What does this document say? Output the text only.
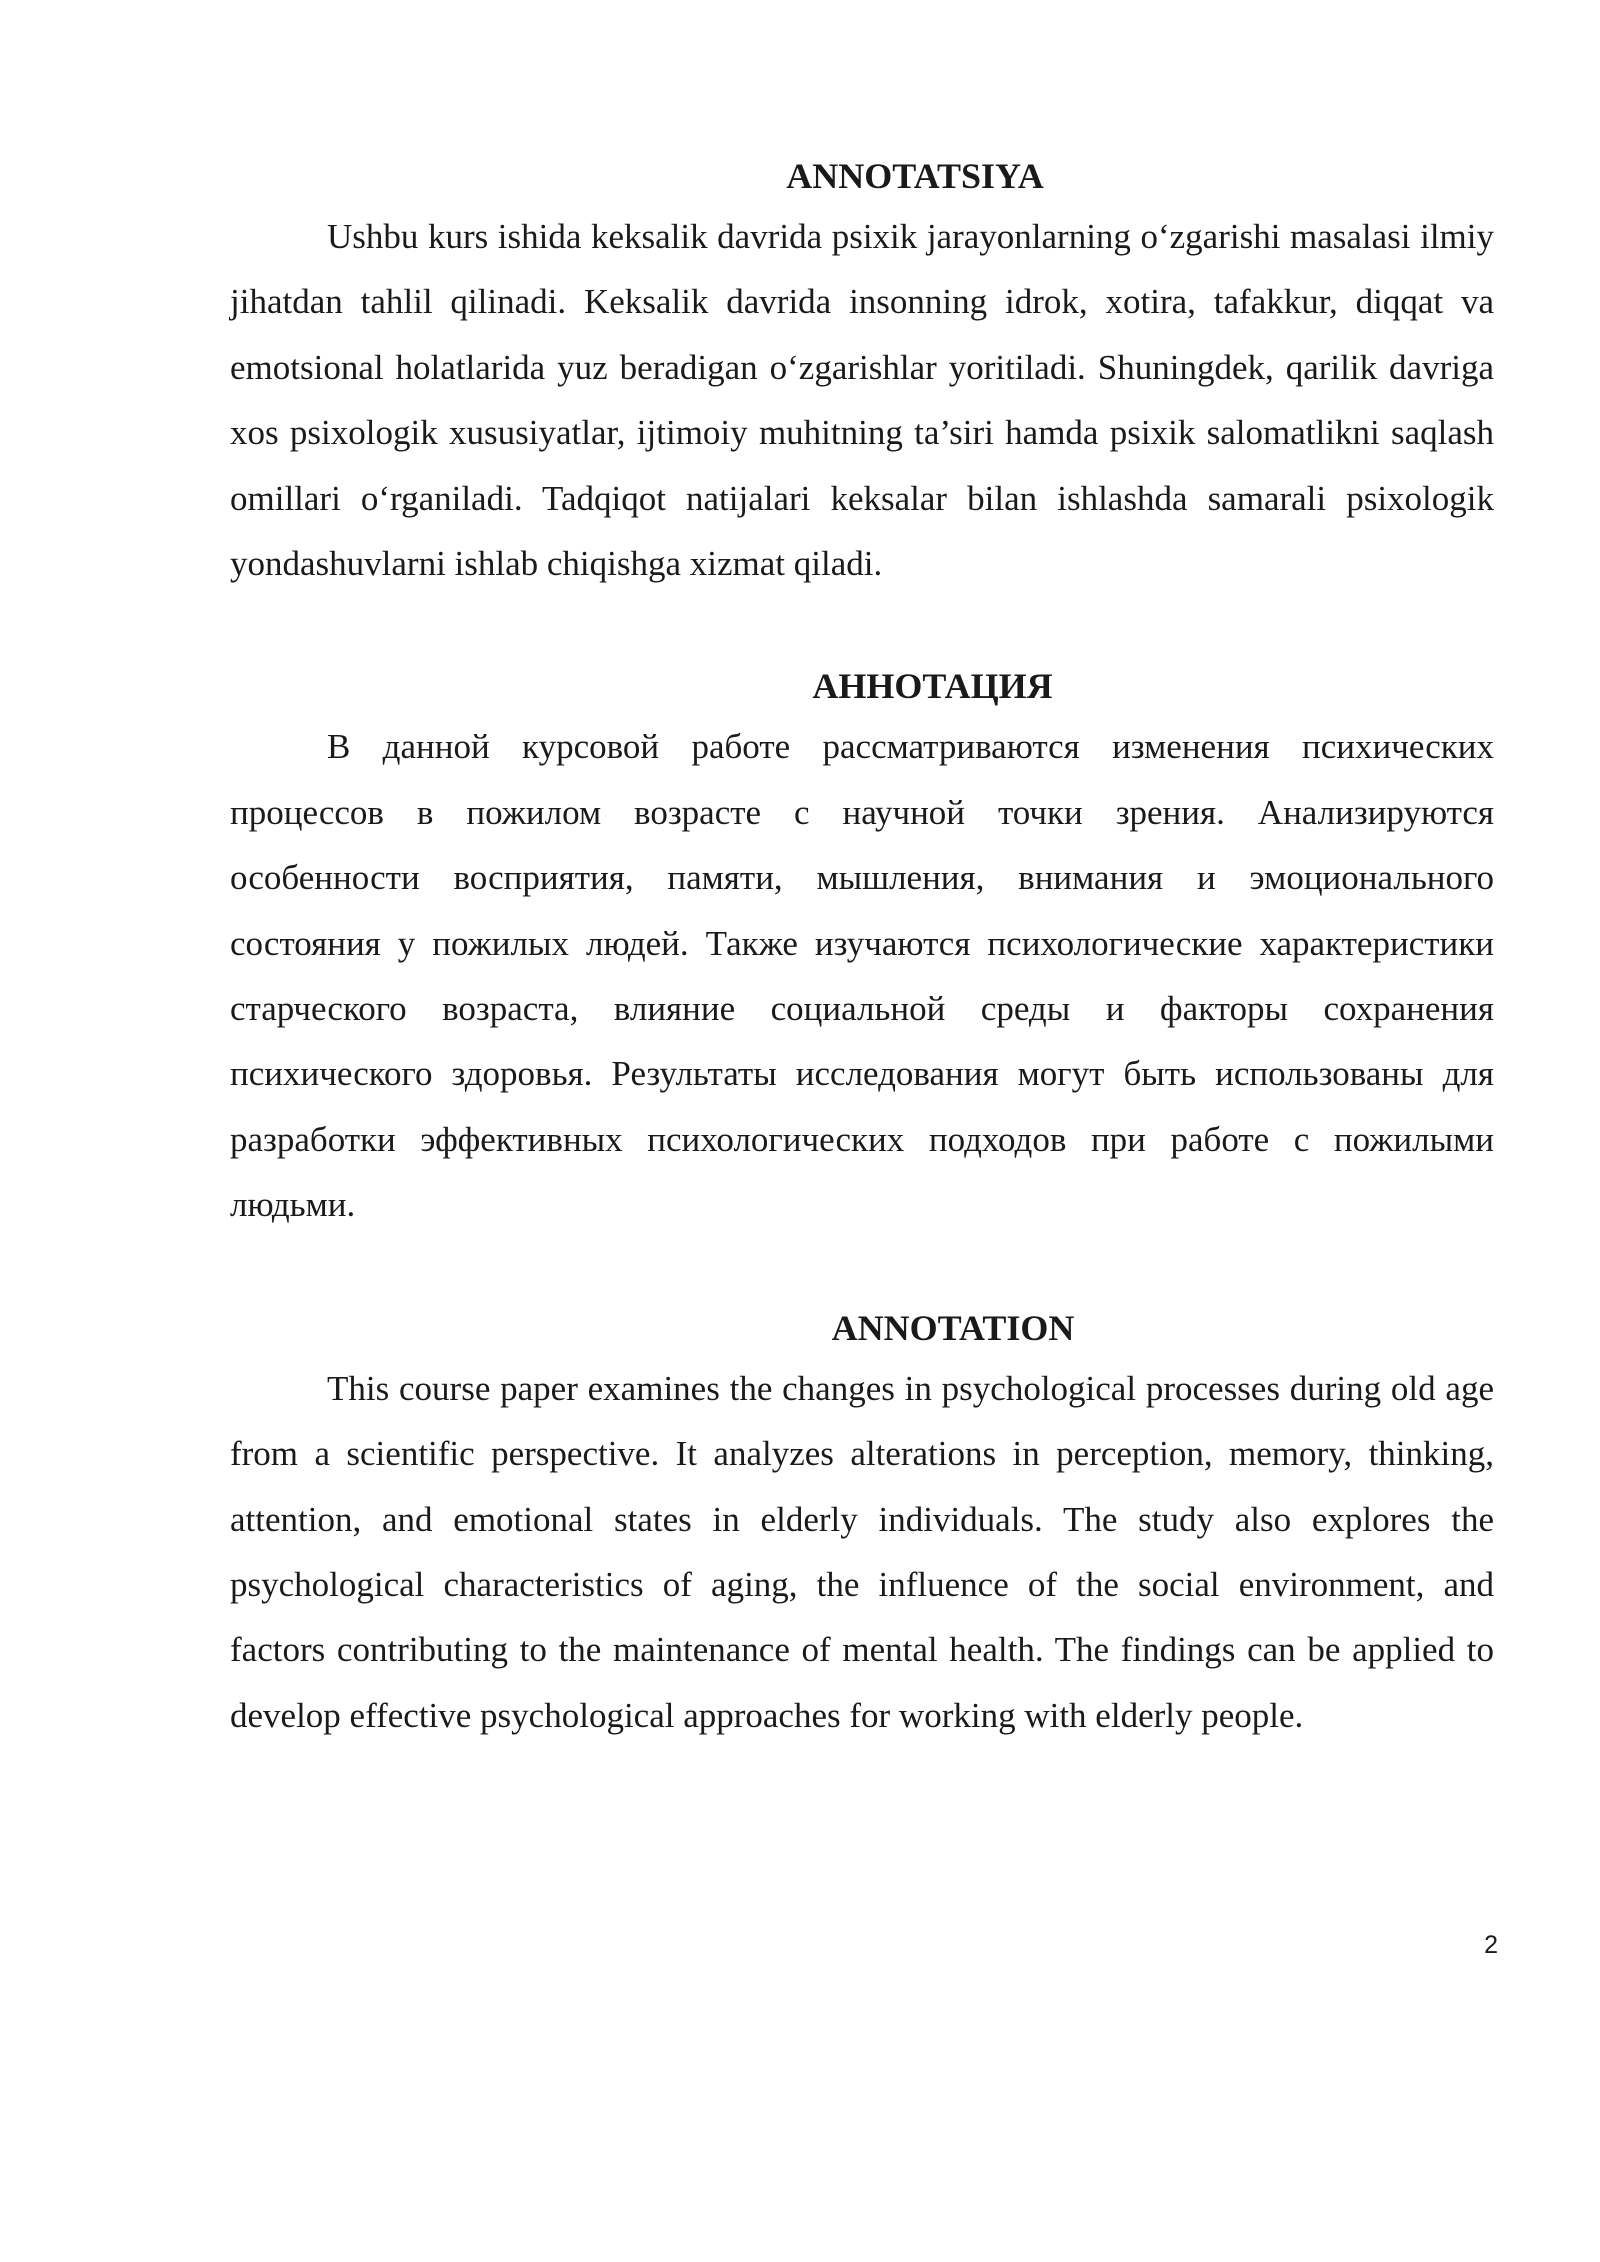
ANNOTATSIYA

Ushbu kurs ishida keksalik davrida psixik jarayonlarning o‘zgarishi masalasi ilmiy jihatdan tahlil qilinadi. Keksalik davrida insonning idrok, xotira, tafakkur, diqqat va emotsional holatlarida yuz beradigan o‘zgarishlar yoritiladi. Shuningdek, qarilik davriga xos psixologik xususiyatlar, ijtimoiy muhitning ta’siri hamda psixik salomatlikni saqlash omillari o‘rganiladi. Tadqiqot natijalari keksalar bilan ishlashda samarali psixologik yondashuvlarni ishlab chiqishga xizmat qiladi.

АННОТАЦИЯ

В данной курсовой работе рассматриваются изменения психических процессов в пожилом возрасте с научной точки зрения. Анализируются особенности восприятия, памяти, мышления, внимания и эмоционального состояния у пожилых людей. Также изучаются психологические характеристики старческого возраста, влияние социальной среды и факторы сохранения психического здоровья. Результаты исследования могут быть использованы для разработки эффективных психологических подходов при работе с пожилыми людьми.

ANNOTATION

This course paper examines the changes in psychological processes during old age from a scientific perspective. It analyzes alterations in perception, memory, thinking, attention, and emotional states in elderly individuals. The study also explores the psychological characteristics of aging, the influence of the social environment, and factors contributing to the maintenance of mental health. The findings can be applied to develop effective psychological approaches for working with elderly people.

2
